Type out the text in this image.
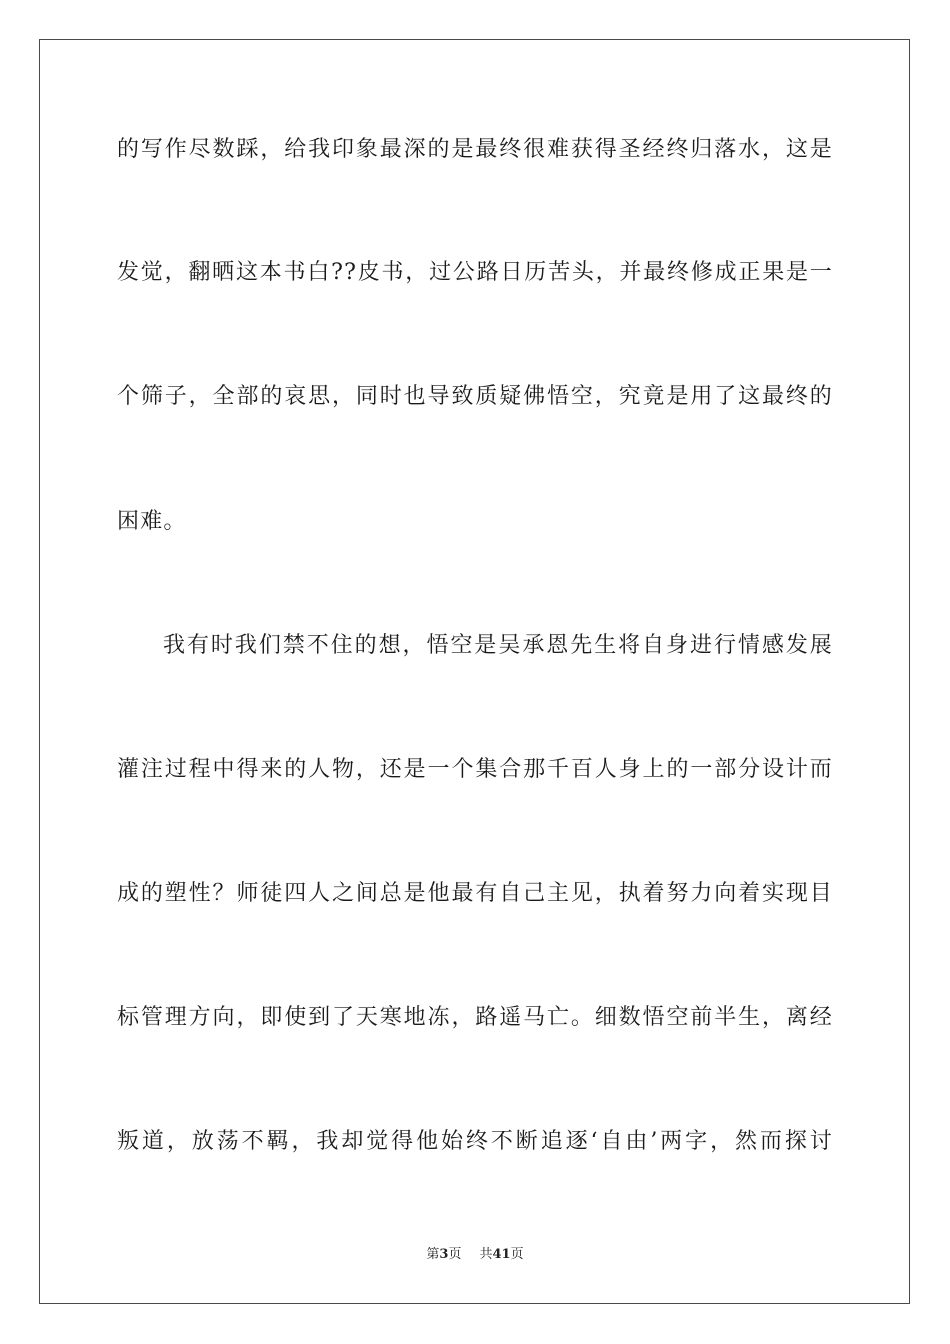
的写作尽数踩，给我印象最深的是最终很难获得圣经终归落水，这是
发觉，翻晒这本书白??皮书，过公路日历苦头，并最终修成正果是一
个筛子，全部的哀思，同时也导致质疑佛悟空，究竟是用了这最终的
困难。
我有时我们禁不住的想，悟空是吴承恩先生将自身进行情感发展
灌注过程中得来的人物，还是一个集合那千百人身上的一部分设计而
成的塑性？师徒四人之间总是他最有自己主见，执着努力向着实现目
标管理方向，即使到了天寒地冻，路遥马亡。细数悟空前半生，离经
叛道，放荡不羁，我却觉得他始终不断追逐‘自由’两字，然而探讨
第3页 共41页
